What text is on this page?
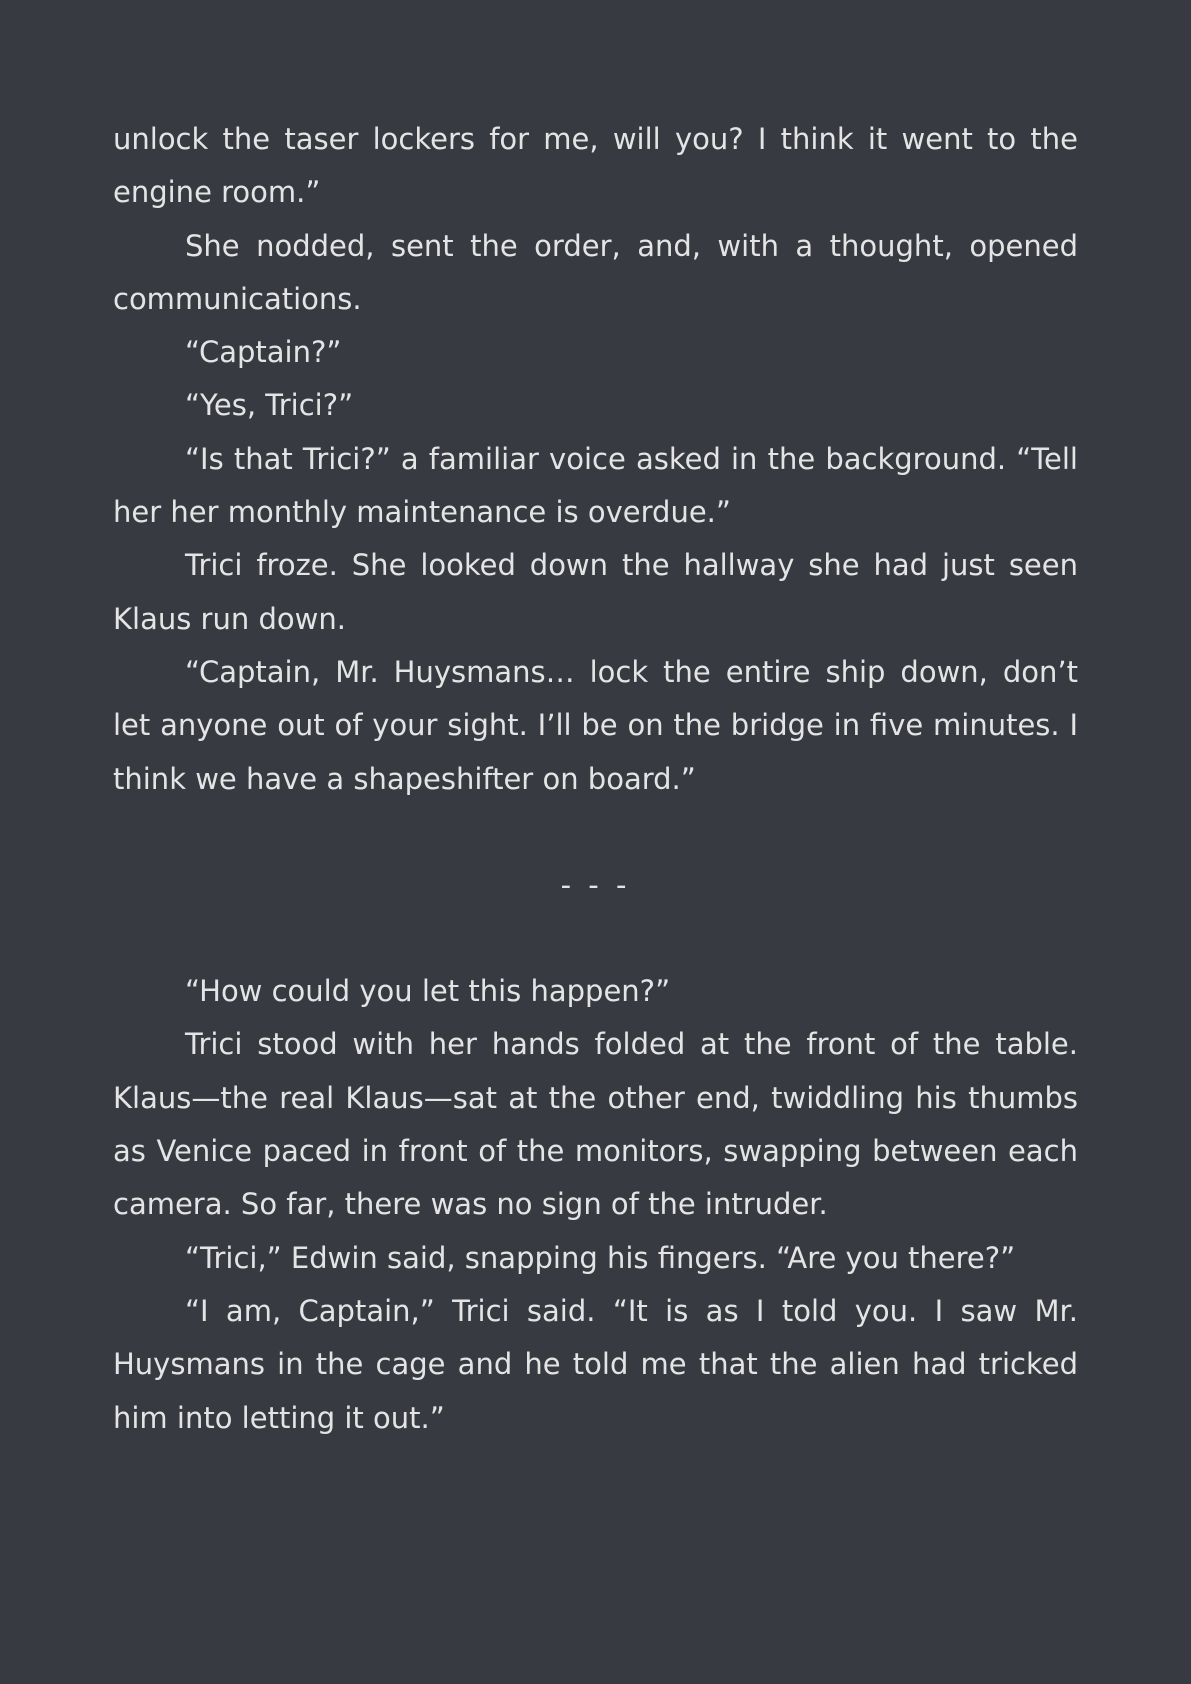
unlock the taser lockers for me, will you? I think it went to the engine room.”

She nodded, sent the order, and, with a thought, opened communications.

“Captain?”

“Yes, Trici?”

“Is that Trici?” a familiar voice asked in the background. “Tell her her monthly maintenance is overdue.”

Trici froze. She looked down the hallway she had just seen Klaus run down.

“Captain, Mr. Huysmans… lock the entire ship down, don’t let anyone out of your sight. I’ll be on the bridge in five minutes. I think we have a shapeshifter on board.”

- - -

“How could you let this happen?”

Trici stood with her hands folded at the front of the table. Klaus—the real Klaus—sat at the other end, twiddling his thumbs as Venice paced in front of the monitors, swapping between each camera. So far, there was no sign of the intruder.

“Trici,” Edwin said, snapping his fingers. “Are you there?”

“I am, Captain,” Trici said. “It is as I told you. I saw Mr. Huysmans in the cage and he told me that the alien had tricked him into letting it out.”
